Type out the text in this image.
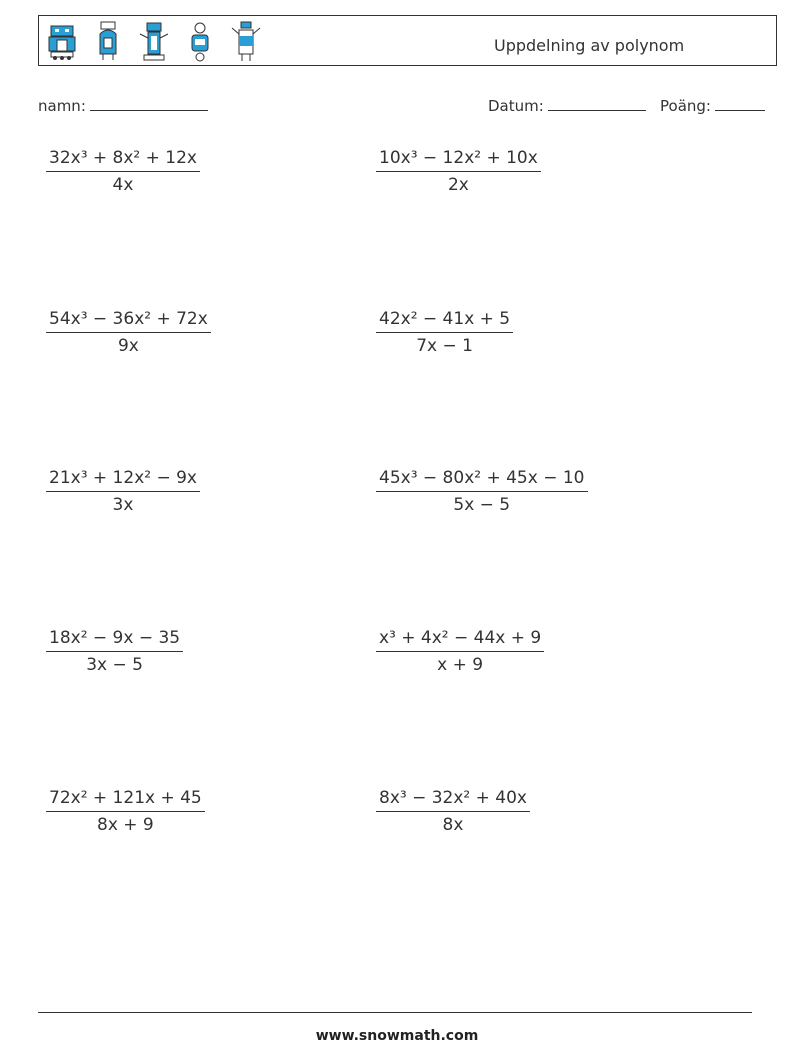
Uppdelning av polynom
namn:	Datum:	Poäng:
$\frac{\text{32x³ + 8x² + 12x}}{4x}$	$\frac{\text{10x³ − 12x² + 10x}}{2x}$
$\frac{\text{54x³ − 36x² + 72x}}{9x}$	$\frac{\text{42x² − 41x + 5}}{7x - 1}$
$\frac{\text{21x³ + 12x² − 9x}}{3x}$	$\frac{\text{45x³ − 80x² + 45x − 10}}{5x - 5}$
$\frac{\text{18x² − 9x − 35}}{3x - 5}$	$\frac{\text{x³ + 4x² − 44x + 9}}{x + 9}$
$\frac{\text{72x² + 121x + 45}}{8x + 9}$	$\frac{\text{8x³ − 32x² + 40x}}{8x}$
www.snowmath.com
